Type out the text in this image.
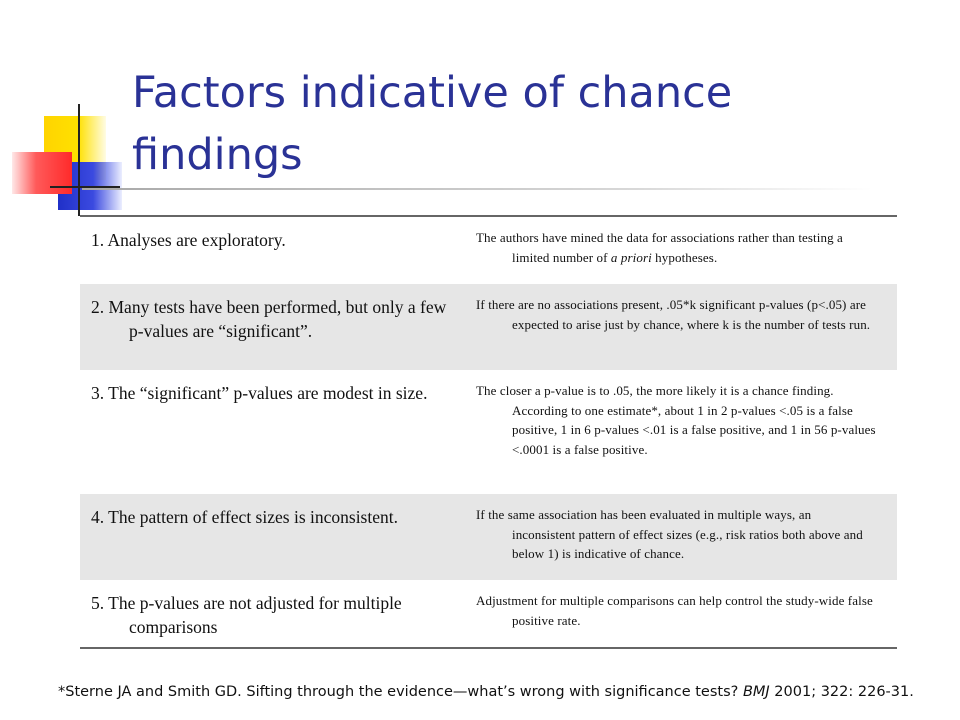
Factors indicative of chance findings

1. Analyses are exploratory.	The authors have mined the data for associations rather than testing a limited number of a priori hypotheses.

2. Many tests have been performed, but only a few p-values are “significant”.	If there are no associations present, .05*k significant p-values (p<.05) are expected to arise just by chance, where k is the number of tests run.

3. The “significant” p-values are modest in size.	The closer a p-value is to .05, the more likely it is a chance finding. According to one estimate*, about 1 in 2 p-values <.05 is a false positive, 1 in 6 p-values <.01 is a false positive, and 1 in 56 p-values <.0001 is a false positive.

4. The pattern of effect sizes is inconsistent.	If the same association has been evaluated in multiple ways, an inconsistent pattern of effect sizes (e.g., risk ratios both above and below 1) is indicative of chance.

5. The p-values are not adjusted for multiple comparisons	Adjustment for multiple comparisons can help control the study-wide false positive rate.

*Sterne JA and Smith GD. Sifting through the evidence—what’s wrong with significance tests? BMJ 2001; 322: 226-31.
